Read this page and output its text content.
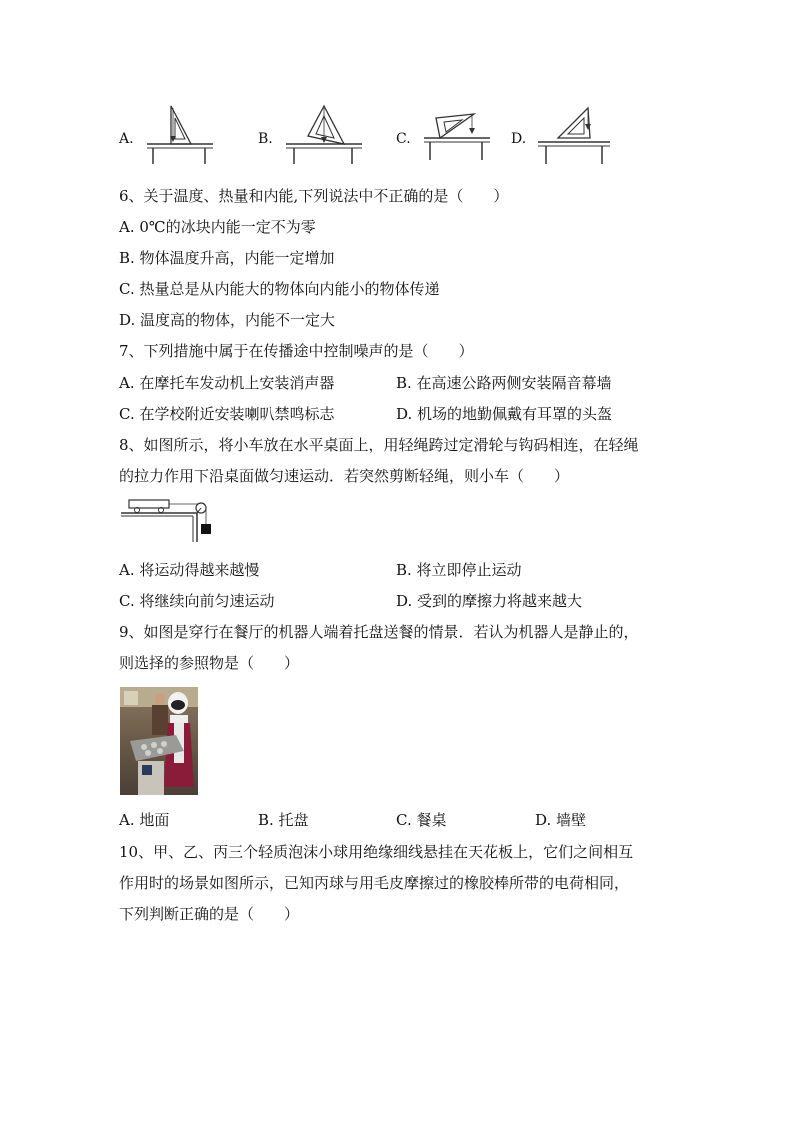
A.	B.	C.	D.
6、关于温度、热量和内能,下列说法中不正确的是（　　）
A. 0℃的冰块内能一定不为零
B. 物体温度升高，内能一定增加
C. 热量总是从内能大的物体向内能小的物体传递
D. 温度高的物体，内能不一定大
7、下列措施中属于在传播途中控制噪声的是（　　）
A. 在摩托车发动机上安装消声器	B. 在高速公路两侧安装隔音幕墙
C. 在学校附近安装喇叭禁鸣标志	D. 机场的地勤佩戴有耳罩的头盔
8、如图所示，将小车放在水平桌面上，用轻绳跨过定滑轮与钩码相连，在轻绳
的拉力作用下沿桌面做匀速运动．若突然剪断轻绳，则小车（　　）
A. 将运动得越来越慢	B. 将立即停止运动
C. 将继续向前匀速运动	D. 受到的摩擦力将越来越大
9、如图是穿行在餐厅的机器人端着托盘送餐的情景．若认为机器人是静止的，
则选择的参照物是（　　）
A. 地面	B. 托盘	C. 餐桌	D. 墙壁
10、甲、乙、丙三个轻质泡沫小球用绝缘细线悬挂在天花板上，它们之间相互
作用时的场景如图所示，已知丙球与用毛皮摩擦过的橡胶棒所带的电荷相同，
下列判断正确的是（　　）
